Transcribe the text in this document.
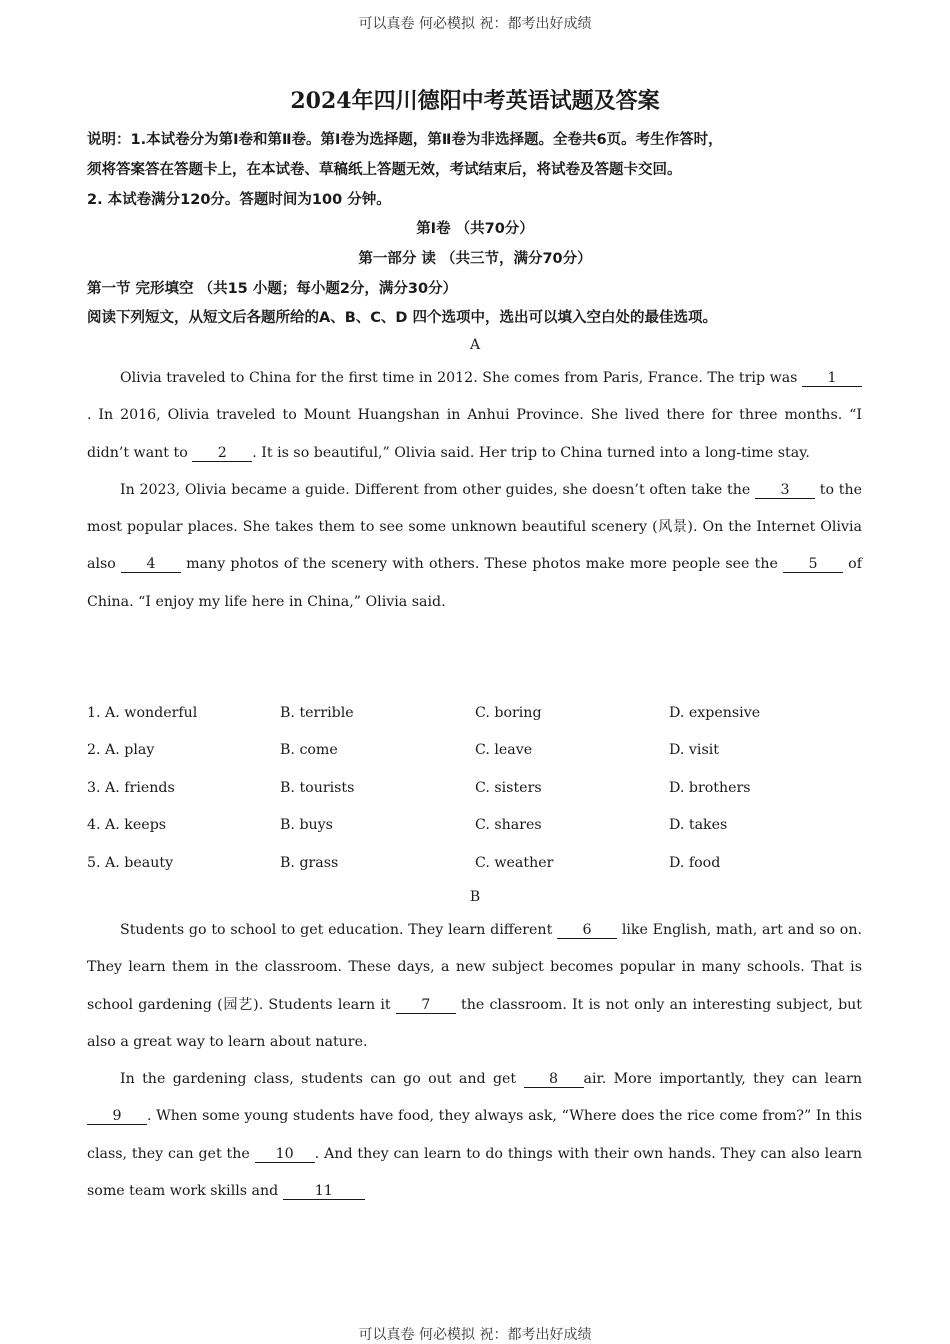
可以真卷 何必模拟 祝：都考出好成绩
2024年四川德阳中考英语试题及答案
说明：1.本试卷分为第Ⅰ卷和第Ⅱ卷。第Ⅰ卷为选择题，第Ⅱ卷为非选择题。全卷共6页。考生作答时，
须将答案答在答题卡上，在本试卷、草稿纸上答题无效，考试结束后，将试卷及答题卡交回。
2. 本试卷满分120分。答题时间为100 分钟。
第Ⅰ卷 （共70分）
第一部分 读 （共三节，满分70分）
第一节 完形填空 （共15 小题；每小题2分，满分30分）
阅读下列短文，从短文后各题所给的A、B、C、D 四个选项中，选出可以填入空白处的最佳选项。
A

Olivia traveled to China for the first time in 2012. She comes from Paris, France. The trip was 1. In 2016, Olivia traveled to Mount Huangshan in Anhui Province. She lived there for three months. “I didn’t want to 2 . It is so beautiful,” Olivia said. Her trip to China turned into a long-time stay.

In 2023, Olivia became a guide. Different from other guides, she doesn’t often take the 3 to the most popular places. She takes them to see some unknown beautiful scenery (风景). On the Internet Olivia also 4 many photos of the scenery with others. These photos make more people see the 5 of China. “I enjoy my life here in China,” Olivia said.

1. A. wonderful	B. terrible	C. boring	D. expensive
2. A. play	B. come	C. leave	D. visit
3. A. friends	B. tourists	C. sisters	D. brothers
4. A. keeps	B. buys	C. shares	D. takes
5. A. beauty	B. grass	C. weather	D. food
B

Students go to school to get education. They learn different 6 like English, math, art and so on. They learn them in the classroom. These days, a new subject becomes popular in many schools. That is school gardening (园艺). Students learn it 7 the classroom. It is not only an interesting subject, but also a great way to learn about nature.

In the gardening class, students can go out and get 8 air. More importantly, they can learn 9 . When some young students have food, they always ask, “Where does the rice come from?” In this class, they can get the 10 . And they can learn to do things with their own hands. They can also learn some team work skills and 11

可以真卷 何必模拟 祝：都考出好成绩
